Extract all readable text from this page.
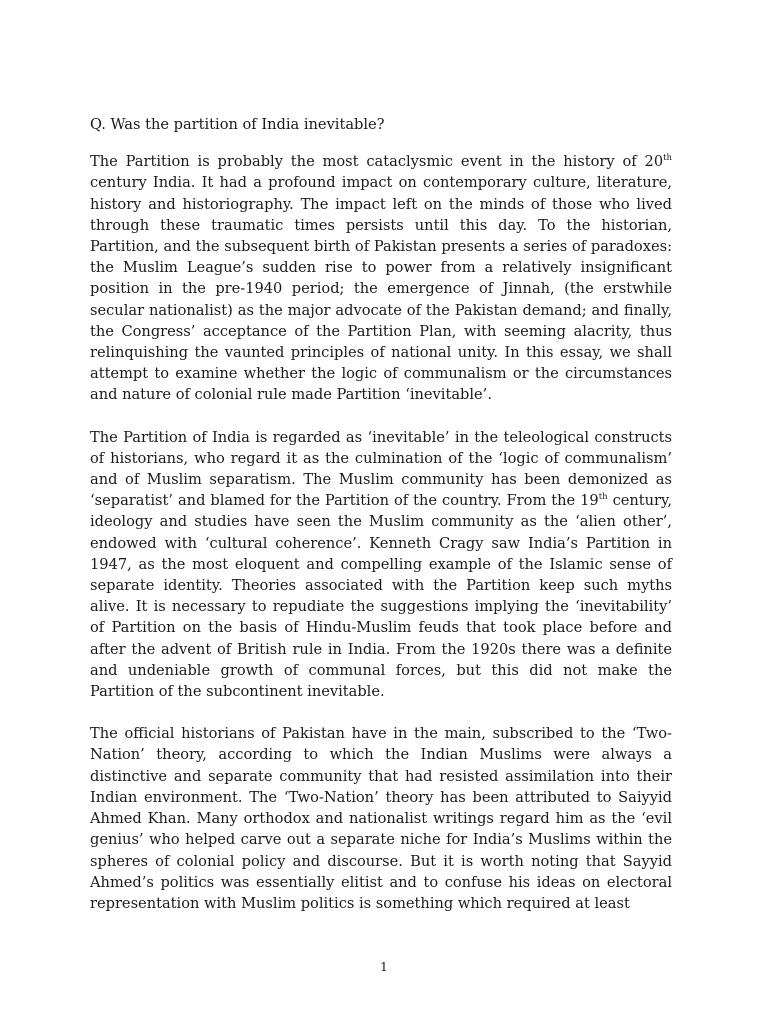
Q. Was the partition of India inevitable?

The Partition is probably the most cataclysmic event in the history of 20th century India. It had a profound impact on contemporary culture, literature, history and historiography. The impact left on the minds of those who lived through these traumatic times persists until this day. To the historian, Partition, and the subsequent birth of Pakistan presents a series of paradoxes: the Muslim League’s sudden rise to power from a relatively insignificant position in the pre-1940 period; the emergence of Jinnah, (the erstwhile secular nationalist) as the major advocate of the Pakistan demand; and finally, the Congress’ acceptance of the Partition Plan, with seeming alacrity, thus relinquishing the vaunted principles of national unity. In this essay, we shall attempt to examine whether the logic of communalism or the circumstances and nature of colonial rule made Partition ‘inevitable’.

The Partition of India is regarded as ‘inevitable’ in the teleological constructs of historians, who regard it as the culmination of the ‘logic of communalism’ and of Muslim separatism. The Muslim community has been demonized as ‘separatist’ and blamed for the Partition of the country. From the 19th century, ideology and studies have seen the Muslim community as the ‘alien other’, endowed with ‘cultural coherence’. Kenneth Cragy saw India’s Partition in 1947, as the most eloquent and compelling example of the Islamic sense of separate identity. Theories associated with the Partition keep such myths alive. It is necessary to repudiate the suggestions implying the ‘inevitability’ of Partition on the basis of Hindu-Muslim feuds that took place before and after the advent of British rule in India. From the 1920s there was a definite and undeniable growth of communal forces, but this did not make the Partition of the subcontinent inevitable.

The official historians of Pakistan have in the main, subscribed to the ‘Two-Nation’ theory, according to which the Indian Muslims were always a distinctive and separate community that had resisted assimilation into their Indian environment. The ‘Two-Nation’ theory has been attributed to Saiyyid Ahmed Khan. Many orthodox and nationalist writings regard him as the ‘evil genius’ who helped carve out a separate niche for India’s Muslims within the spheres of colonial policy and discourse. But it is worth noting that Sayyid Ahmed’s politics was essentially elitist and to confuse his ideas on electoral representation with Muslim politics is something which required at least

1
